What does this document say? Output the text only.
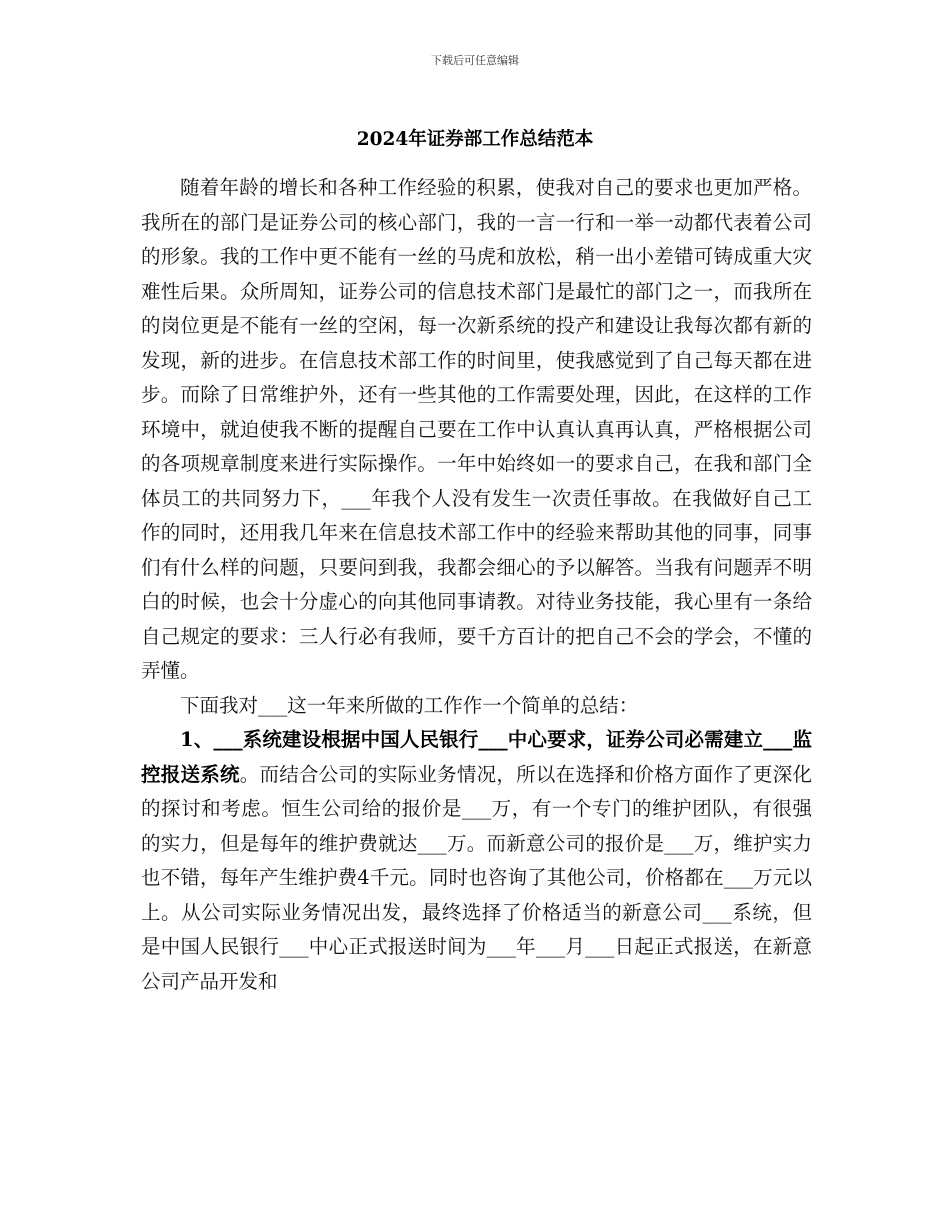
下载后可任意编辑
2024年证券部工作总结范本

随着年龄的增长和各种工作经验的积累，使我对自己的要求也更加严格。我所在的部门是证券公司的核心部门，我的一言一行和一举一动都代表着公司的形象。我的工作中更不能有一丝的马虎和放松，稍一出小差错可铸成重大灾难性后果。众所周知，证券公司的信息技术部门是最忙的部门之一，而我所在的岗位更是不能有一丝的空闲，每一次新系统的投产和建设让我每次都有新的发现，新的进步。在信息技术部工作的时间里，使我感觉到了自己每天都在进步。而除了日常维护外，还有一些其他的工作需要处理，因此，在这样的工作环境中，就迫使我不断的提醒自己要在工作中认真认真再认真，严格根据公司的各项规章制度来进行实际操作。一年中始终如一的要求自己，在我和部门全体员工的共同努力下，___年我个人没有发生一次责任事故。在我做好自己工作的同时，还用我几年来在信息技术部工作中的经验来帮助其他的同事，同事们有什么样的问题，只要问到我，我都会细心的予以解答。当我有问题弄不明白的时候，也会十分虚心的向其他同事请教。对待业务技能，我心里有一条给自己规定的要求：三人行必有我师，要千方百计的把自己不会的学会，不懂的弄懂。

下面我对___这一年来所做的工作作一个简单的总结：

1、___系统建设根据中国人民银行___中心要求，证券公司必需建立___监控报送系统。而结合公司的实际业务情况，所以在选择和价格方面作了更深化的探讨和考虑。恒生公司给的报价是___万，有一个专门的维护团队，有很强的实力，但是每年的维护费就达___万。而新意公司的报价是___万，维护实力也不错，每年产生维护费4千元。同时也咨询了其他公司，价格都在___万元以上。从公司实际业务情况出发，最终选择了价格适当的新意公司___系统，但是中国人民银行___中心正式报送时间为___年___月___日起正式报送，在新意公司产品开发和
